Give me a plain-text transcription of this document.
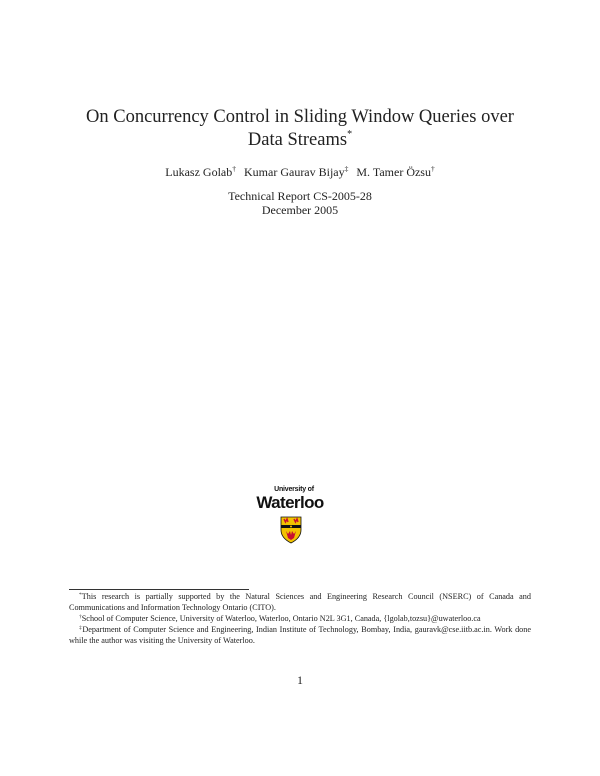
On Concurrency Control in Sliding Window Queries over Data Streams*
Lukasz Golab† Kumar Gaurav Bijay‡ M. Tamer Özsu†
Technical Report CS-2005-28
December 2005
University of
Waterloo

*This research is partially supported by the Natural Sciences and Engineering Research Council (NSERC) of Canada and Communications and Information Technology Ontario (CITO).

†School of Computer Science, University of Waterloo, Waterloo, Ontario N2L 3G1, Canada, {lgolab,tozsu}@uwaterloo.ca

‡Department of Computer Science and Engineering, Indian Institute of Technology, Bombay, India, gauravk@cse.iitb.ac.in. Work done while the author was visiting the University of Waterloo.

1
